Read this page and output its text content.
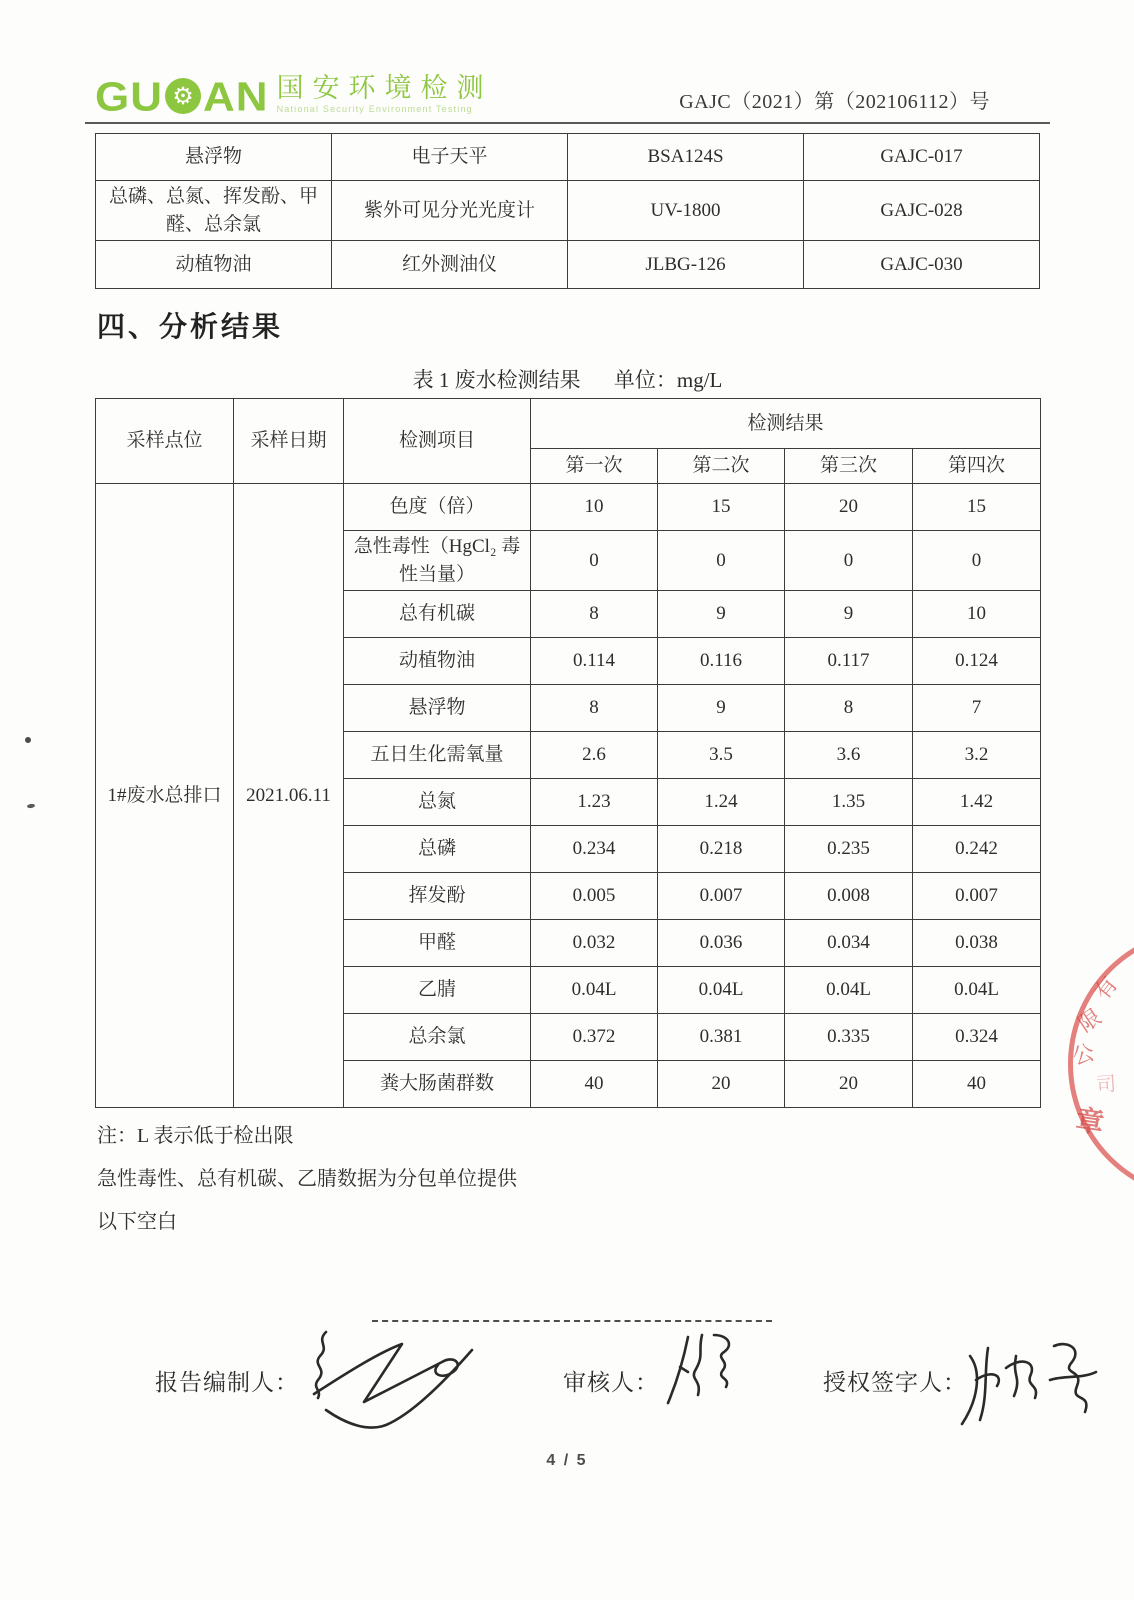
GU ⚙ AN 国安环境检测
National Security Environment Testing	GAJC（2021）第（202106112）号
悬浮物	电子天平	BSA124S	GAJC-017
总磷、总氮、挥发酚、甲醛、总余氯	紫外可见分光光度计	UV-1800	GAJC-028
动植物油	红外测油仪	JLBG-126	GAJC-030
四、分析结果
表 1 废水检测结果 单位：mg/L
采样点位	采样日期	检测项目	检测结果			
			第一次	第二次	第三次	第四次
1#废水总排口	2021.06.11	色度（倍）	10	15	20	15
		急性毒性（HgCl₂ 毒性当量）	0	0	0	0
		总有机碳	8	9	9	10
		动植物油	0.114	0.116	0.117	0.124
		悬浮物	8	9	8	7
		五日生化需氧量	2.6	3.5	3.6	3.2
		总氮	1.23	1.24	1.35	1.42
		总磷	0.234	0.218	0.235	0.242
		挥发酚	0.005	0.007	0.008	0.007
		甲醛	0.032	0.036	0.034	0.038
		乙腈	0.04L	0.04L	0.04L	0.04L
		总余氯	0.372	0.381	0.335	0.324
		粪大肠菌群数	40	20	20	40
注：L 表示低于检出限
急性毒性、总有机碳、乙腈数据为分包单位提供
以下空白
报告编制人：	审核人：	授权签字人：
有
限
公
司
章
4 / 5
